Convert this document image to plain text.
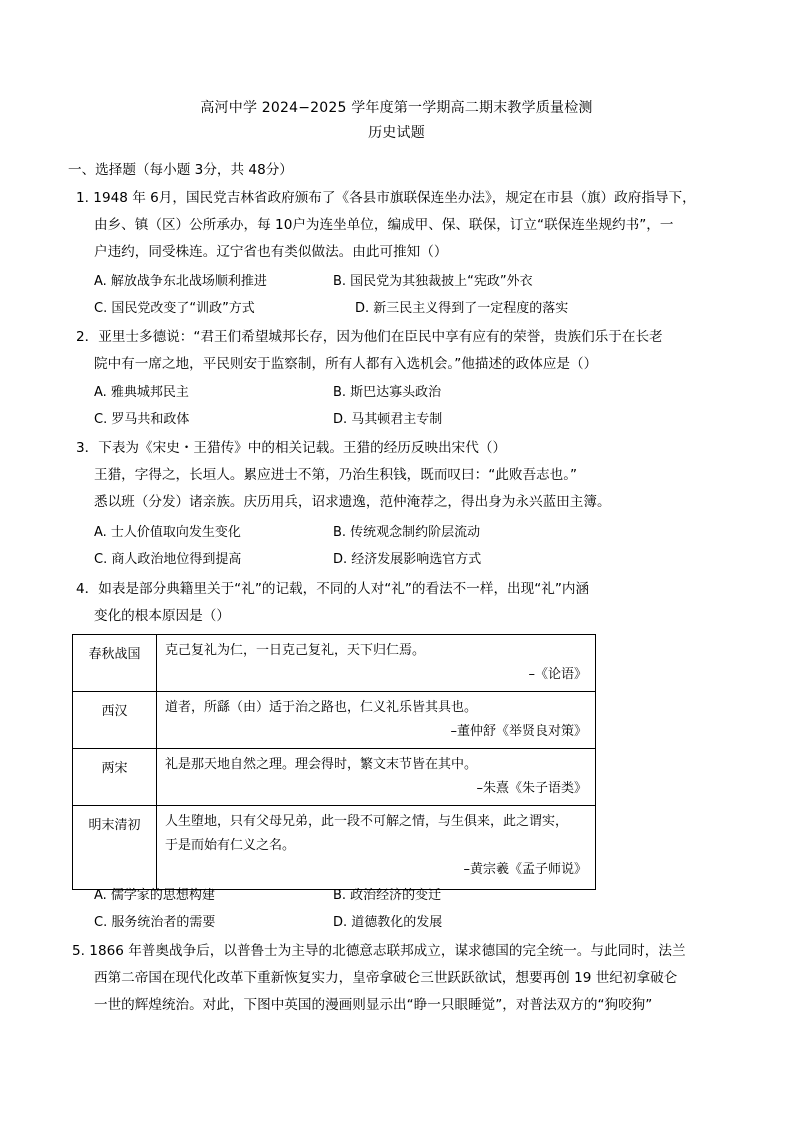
高河中学 2024−2025 学年度第一学期高二期末教学质量检测
历史试题
一、选择题（每小题 3分，共 48分）
1. 1948 年 6月，国民党吉林省政府颁布了《各县市旗联保连坐办法》，规定在市县（旗）政府指导下，
由乡、镇（区）公所承办，每 10户为连坐单位，编成甲、保、联保，订立“联保连坐规约书”，一
户违约，同受株连。辽宁省也有类似做法。由此可推知（）
A. 解放战争东北战场顺利推进	B. 国民党为其独裁披上“宪政”外衣
C. 国民党改变了“训政”方式	D. 新三民主义得到了一定程度的落实
2．亚里士多德说：“君王们希望城邦长存，因为他们在臣民中享有应有的荣誉，贵族们乐于在长老
院中有一席之地，平民则安于监察制，所有人都有入选机会。”他描述的政体应是（）
A. 雅典城邦民主	B. 斯巴达寡头政治
C. 罗马共和政体	D. 马其顿君主专制
3．下表为《宋史・王猎传》中的相关记载。王猎的经历反映出宋代（）
王猎，字得之，长垣人。累应进士不第，乃治生积钱，既而叹曰：“此败吾志也。”
悉以班（分发）诸亲族。庆历用兵，诏求遗逸，范仲淹荐之，得出身为永兴蓝田主簿。
A. 士人价值取向发生变化	B. 传统观念制约阶层流动
C. 商人政治地位得到提高	D. 经济发展影响选官方式
4．如表是部分典籍里关于“礼”的记载，不同的人对“礼”的看法不一样，出现“礼”内涵
变化的根本原因是（）
春秋战国	克己复礼为仁，一日克己复礼，天下归仁焉。
–《论语》

西汉	道者，所繇（由）适于治之路也，仁义礼乐皆其具也。
–董仲舒《举贤良对策》

两宋	礼是那天地自然之理。理会得时，繁文末节皆在其中。
–朱熹《朱子语类》

明末清初	人生堕地，只有父母兄弟，此一段不可解之情，与生俱来，此之谓实，
于是而始有仁义之名。
–黄宗羲《孟子师说》
A. 儒学家的思想构建	B. 政治经济的变迁
C. 服务统治者的需要	D. 道德教化的发展
5. 1866 年普奥战争后，以普鲁士为主导的北德意志联邦成立，谋求德国的完全统一。与此同时，法兰
西第二帝国在现代化改革下重新恢复实力，皇帝拿破仑三世跃跃欲试，想要再创 19 世纪初拿破仑
一世的辉煌统治。对此，下图中英国的漫画则显示出“睁一只眼睡觉”，对普法双方的“狗咬狗”
